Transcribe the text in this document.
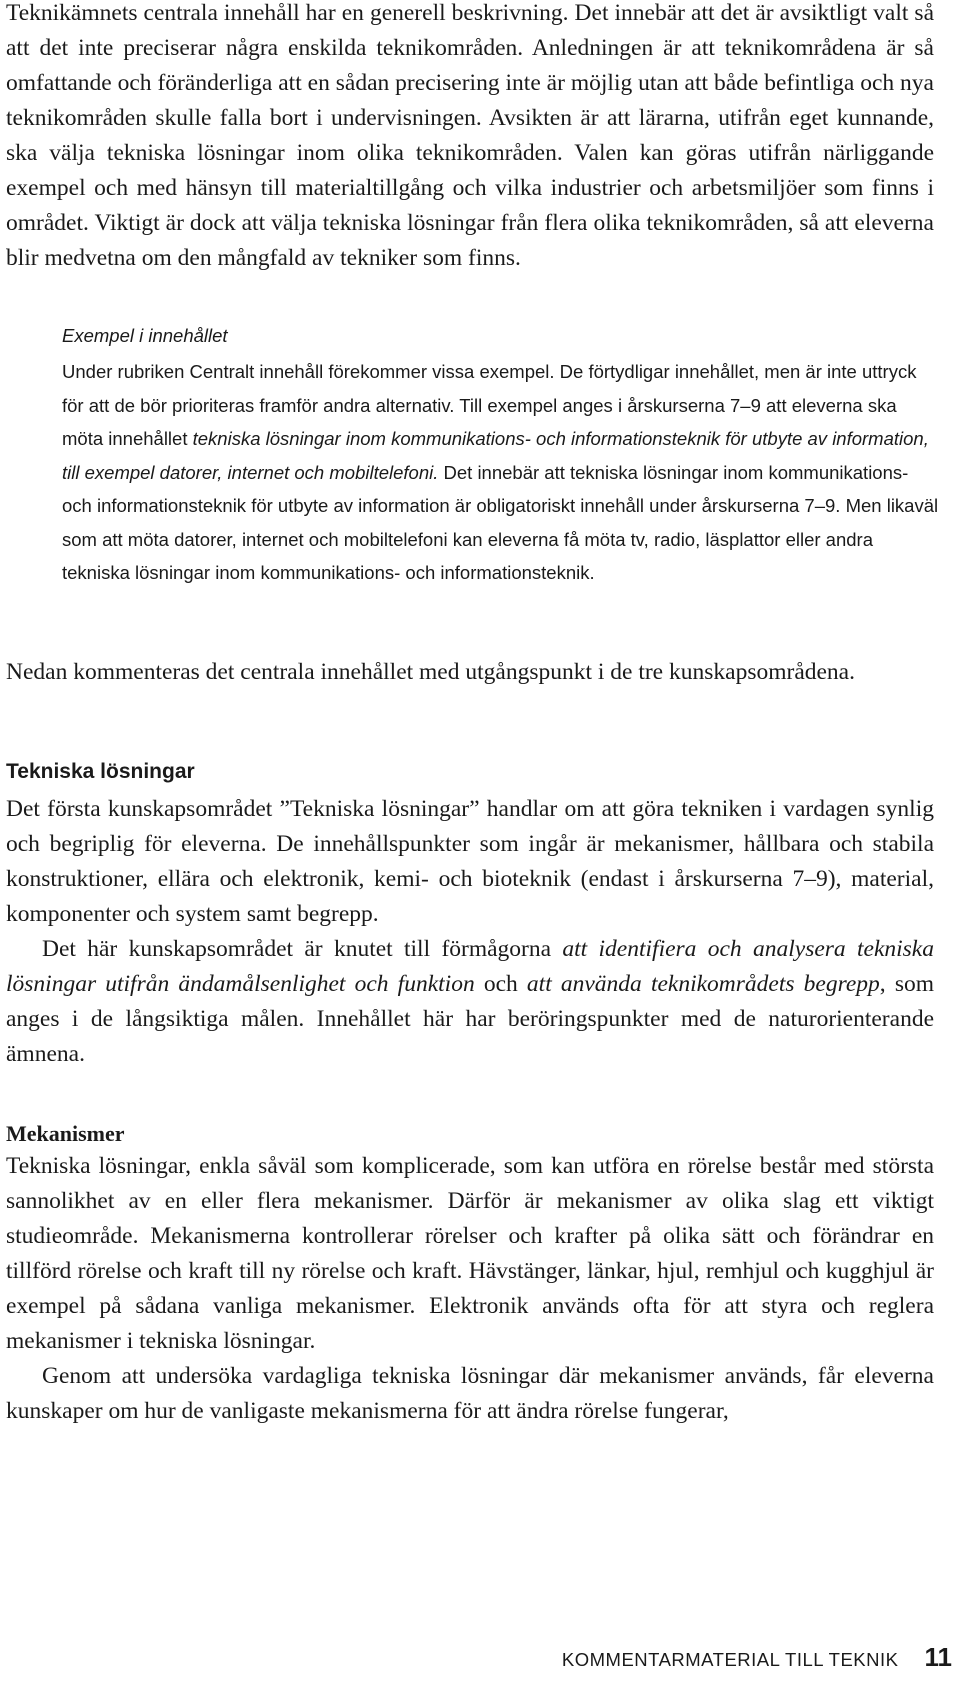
Teknikämnets centrala innehåll har en generell beskrivning. Det innebär att det är avsiktligt valt så att det inte preciserar några enskilda teknikområden. Anledningen är att teknikområdena är så omfattande och föränderliga att en sådan precisering inte är möjlig utan att både befintliga och nya teknikområden skulle falla bort i undervisningen. Avsikten är att lärarna, utifrån eget kunnande, ska välja tekniska lösningar inom olika teknikområden. Valen kan göras utifrån närliggande exempel och med hänsyn till materialtillgång och vilka industrier och arbetsmiljöer som finns i området. Viktigt är dock att välja tekniska lösningar från flera olika teknikområden, så att eleverna blir medvetna om den mångfald av tekniker som finns.

Exempel i innehållet

Under rubriken Centralt innehåll förekommer vissa exempel. De förtydligar innehållet, men är inte uttryck för att de bör prioriteras framför andra alternativ. Till exempel anges i årskurserna 7–9 att eleverna ska möta innehållet tekniska lösningar inom kommunikations- och informationsteknik för utbyte av information, till exempel datorer, internet och mobiltelefoni. Det innebär att tekniska lösningar inom kommunikations- och informationsteknik för utbyte av information är obligatoriskt innehåll under årskurserna 7–9. Men likaväl som att möta datorer, internet och mobiltelefoni kan eleverna få möta tv, radio, läsplattor eller andra tekniska lösningar inom kommunikations- och informationsteknik.

Nedan kommenteras det centrala innehållet med utgångspunkt i de tre kunskapsområdena.

Tekniska lösningar

Det första kunskapsområdet ”Tekniska lösningar” handlar om att göra tekniken i vardagen synlig och begriplig för eleverna. De innehållspunkter som ingår är mekanismer, hållbara och stabila konstruktioner, ellära och elektronik, kemi- och bioteknik (endast i årskurserna 7–9), material, komponenter och system samt begrepp.

Det här kunskapsområdet är knutet till förmågorna att identifiera och analysera tekniska lösningar utifrån ändamålsenlighet och funktion och att använda teknikområdets begrepp, som anges i de långsiktiga målen. Innehållet här har beröringspunkter med de naturorienterande ämnena.

Mekanismer

Tekniska lösningar, enkla såväl som komplicerade, som kan utföra en rörelse består med största sannolikhet av en eller flera mekanismer. Därför är mekanismer av olika slag ett viktigt studieområde. Mekanismerna kontrollerar rörelser och krafter på olika sätt och förändrar en tillförd rörelse och kraft till ny rörelse och kraft. Hävstänger, länkar, hjul, remhjul och kugghjul är exempel på sådana vanliga mekanismer. Elektronik används ofta för att styra och reglera mekanismer i tekniska lösningar.

Genom att undersöka vardagliga tekniska lösningar där mekanismer används, får eleverna kunskaper om hur de vanligaste mekanismerna för att ändra rörelse fungerar,

KOMMENTARMATERIAL TILL TEKNIK 11
